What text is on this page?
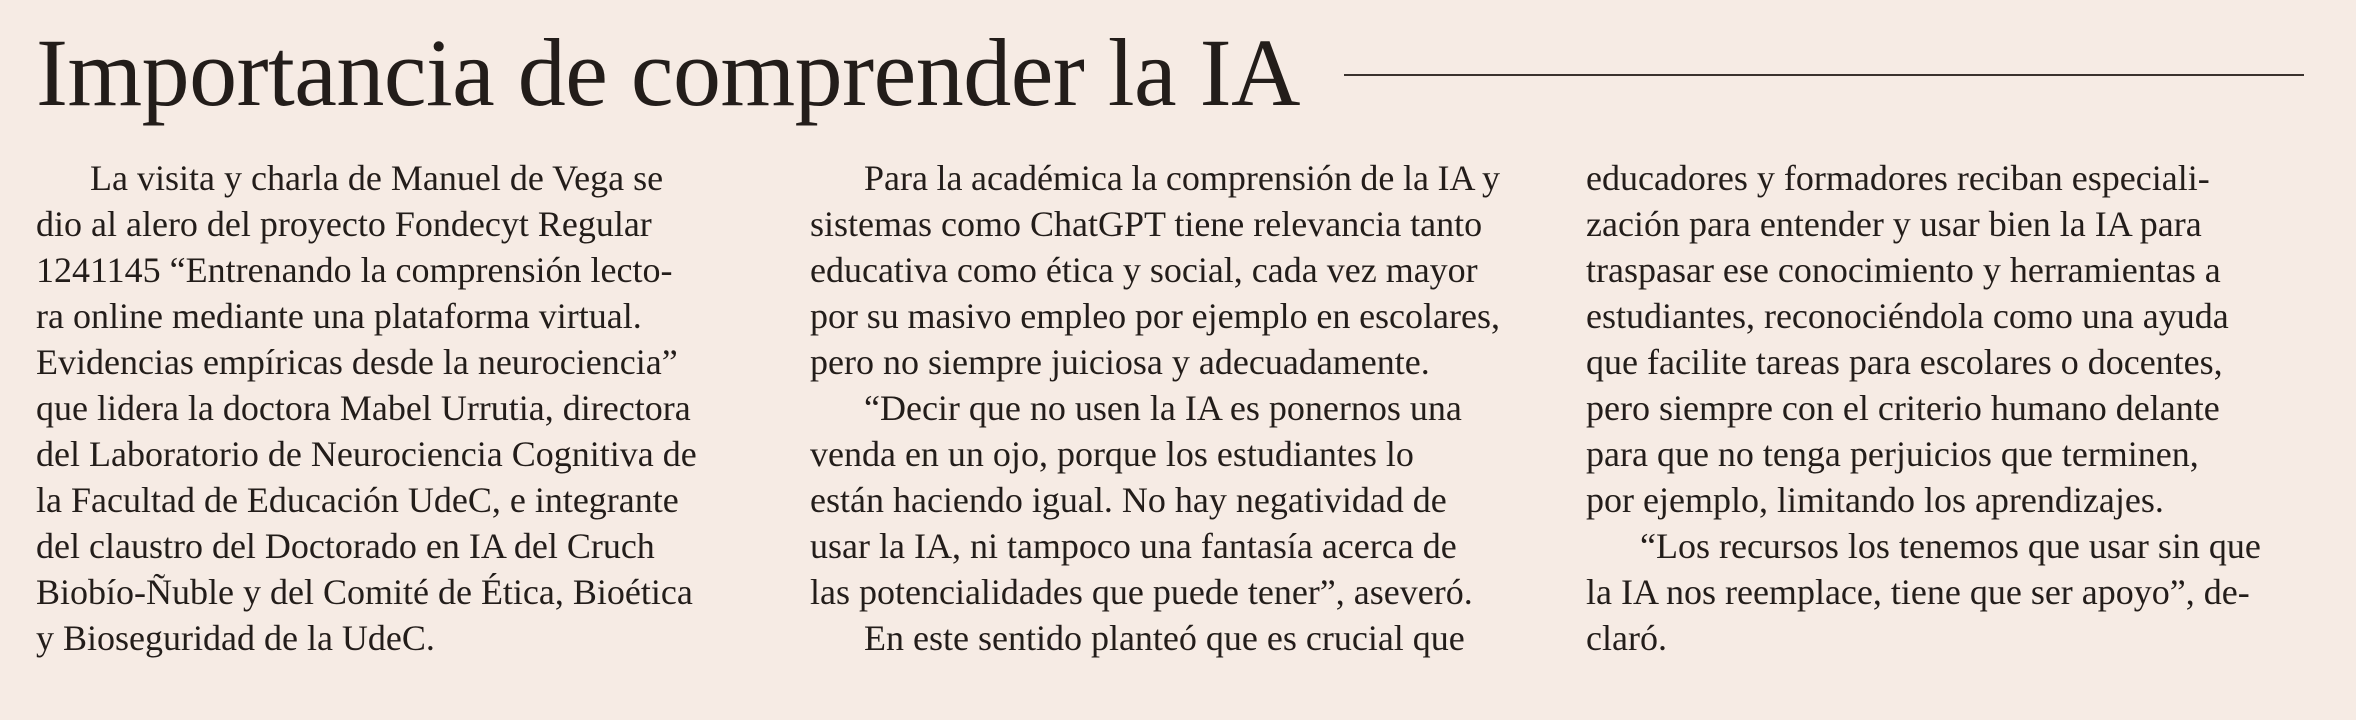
Importancia de comprender la IA
La visita y charla de Manuel de Vega se
dio al alero del proyecto Fondecyt Regular
1241145 “Entrenando la comprensión lecto-
ra online mediante una plataforma virtual.
Evidencias empíricas desde la neurociencia”
que lidera la doctora Mabel Urrutia, directora
del Laboratorio de Neurociencia Cognitiva de
la Facultad de Educación UdeC, e integrante
del claustro del Doctorado en IA del Cruch
Biobío-Ñuble y del Comité de Ética, Bioética
y Bioseguridad de la UdeC.
Para la académica la comprensión de la IA y
sistemas como ChatGPT tiene relevancia tanto
educativa como ética y social, cada vez mayor
por su masivo empleo por ejemplo en escolares,
pero no siempre juiciosa y adecuadamente.
“Decir que no usen la IA es ponernos una
venda en un ojo, porque los estudiantes lo
están haciendo igual. No hay negatividad de
usar la IA, ni tampoco una fantasía acerca de
las potencialidades que puede tener”, aseveró.
En este sentido planteó que es crucial que
educadores y formadores reciban especiali-
zación para entender y usar bien la IA para
traspasar ese conocimiento y herramientas a
estudiantes, reconociéndola como una ayuda
que facilite tareas para escolares o docentes,
pero siempre con el criterio humano delante
para que no tenga perjuicios que terminen,
por ejemplo, limitando los aprendizajes.
“Los recursos los tenemos que usar sin que
la IA nos reemplace, tiene que ser apoyo”, de-
claró.
